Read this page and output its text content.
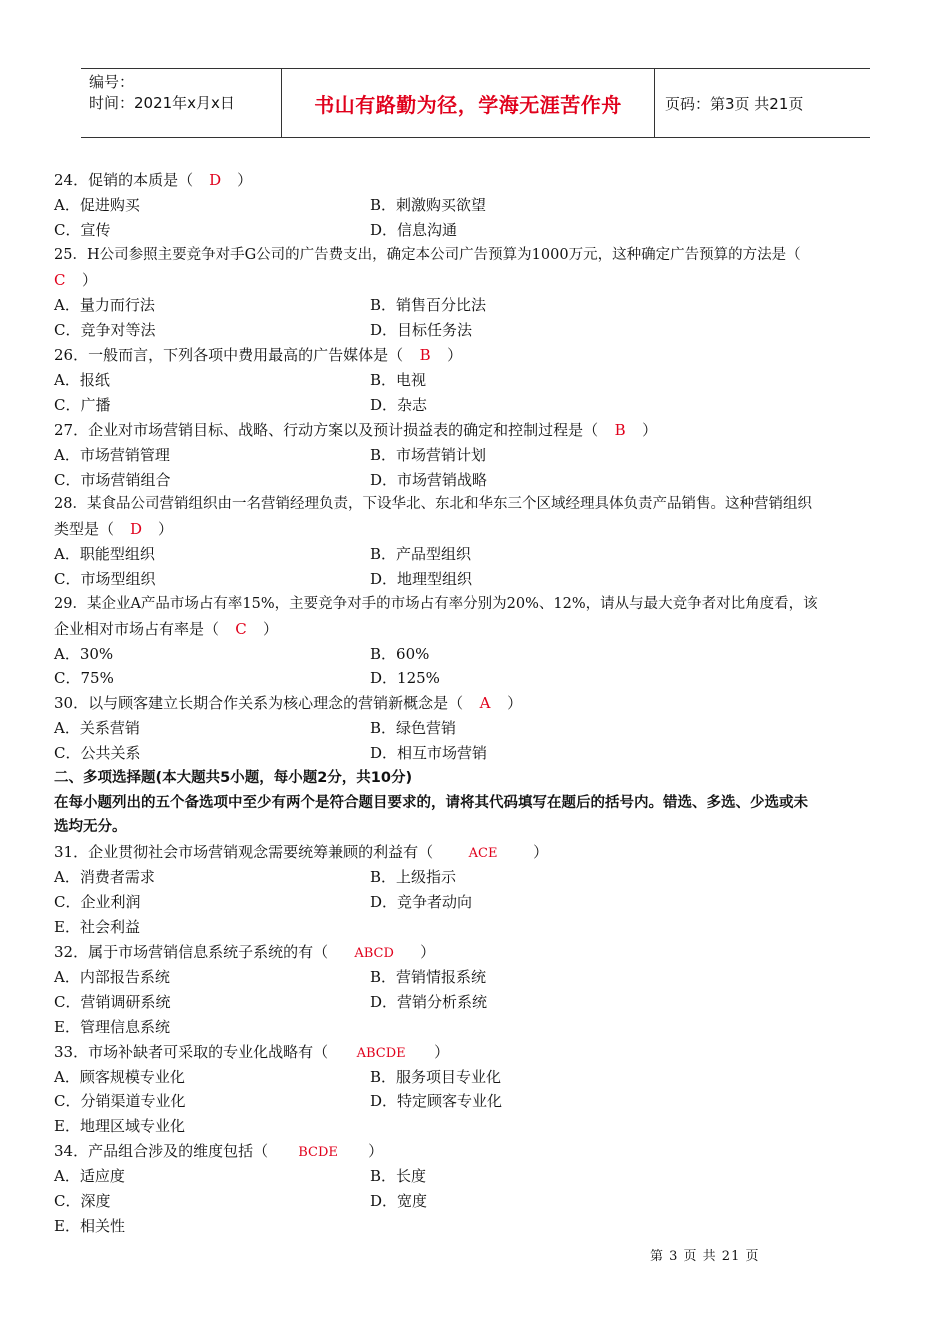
编号：
时间：2021年x月x日	书山有路勤为径，学海无涯苦作舟	页码：第3页 共21页
24．促销的本质是（ D ）
A．促进购买	B．刺激购买欲望
C．宣传	D．信息沟通
25．H公司参照主要竞争对手G公司的广告费支出，确定本公司广告预算为1000万元，这种确定广告预算的方法是（
C ）
A．量力而行法	B．销售百分比法
C．竞争对等法	D．目标任务法
26．一般而言，下列各项中费用最高的广告媒体是（ B ）
A．报纸	B．电视
C．广播	D．杂志
27．企业对市场营销目标、战略、行动方案以及预计损益表的确定和控制过程是（ B ）
A．市场营销管理	B．市场营销计划
C．市场营销组合	D．市场营销战略
28．某食品公司营销组织由一名营销经理负责，下设华北、东北和华东三个区域经理具体负责产品销售。这种营销组织
类型是（ D ）
A．职能型组织	B．产品型组织
C．市场型组织	D．地理型组织
29．某企业A产品市场占有率15%，主要竞争对手的市场占有率分别为20%、12%，请从与最大竞争者对比角度看，该
企业相对市场占有率是（ C ）
A．30%	B．60%
C．75%	D．125%
30．以与顾客建立长期合作关系为核心理念的营销新概念是（ A ）
A．关系营销	B．绿色营销
C．公共关系	D．相互市场营销
二、多项选择题(本大题共5小题，每小题2分，共10分)
在每小题列出的五个备选项中至少有两个是符合题目要求的，请将其代码填写在题后的括号内。错选、多选、少选或未
选均无分。
31．企业贯彻社会市场营销观念需要统筹兼顾的利益有（	ACE ）
A．消费者需求	B．上级指示
C．企业利润	D．竞争者动向
E．社会利益
32．属于市场营销信息系统子系统的有（ ABCD ）
A．内部报告系统	B．营销情报系统
C．营销调研系统	D．营销分析系统
E．管理信息系统
33．市场补缺者可采取的专业化战略有（ ABCDE ）
A．顾客规模专业化	B．服务项目专业化
C．分销渠道专业化	D．特定顾客专业化
E．地理区域专业化
34．产品组合涉及的维度包括（ BCDE ）
A．适应度	B．长度
C．深度	D．宽度
E．相关性
第 3 页 共 21 页
